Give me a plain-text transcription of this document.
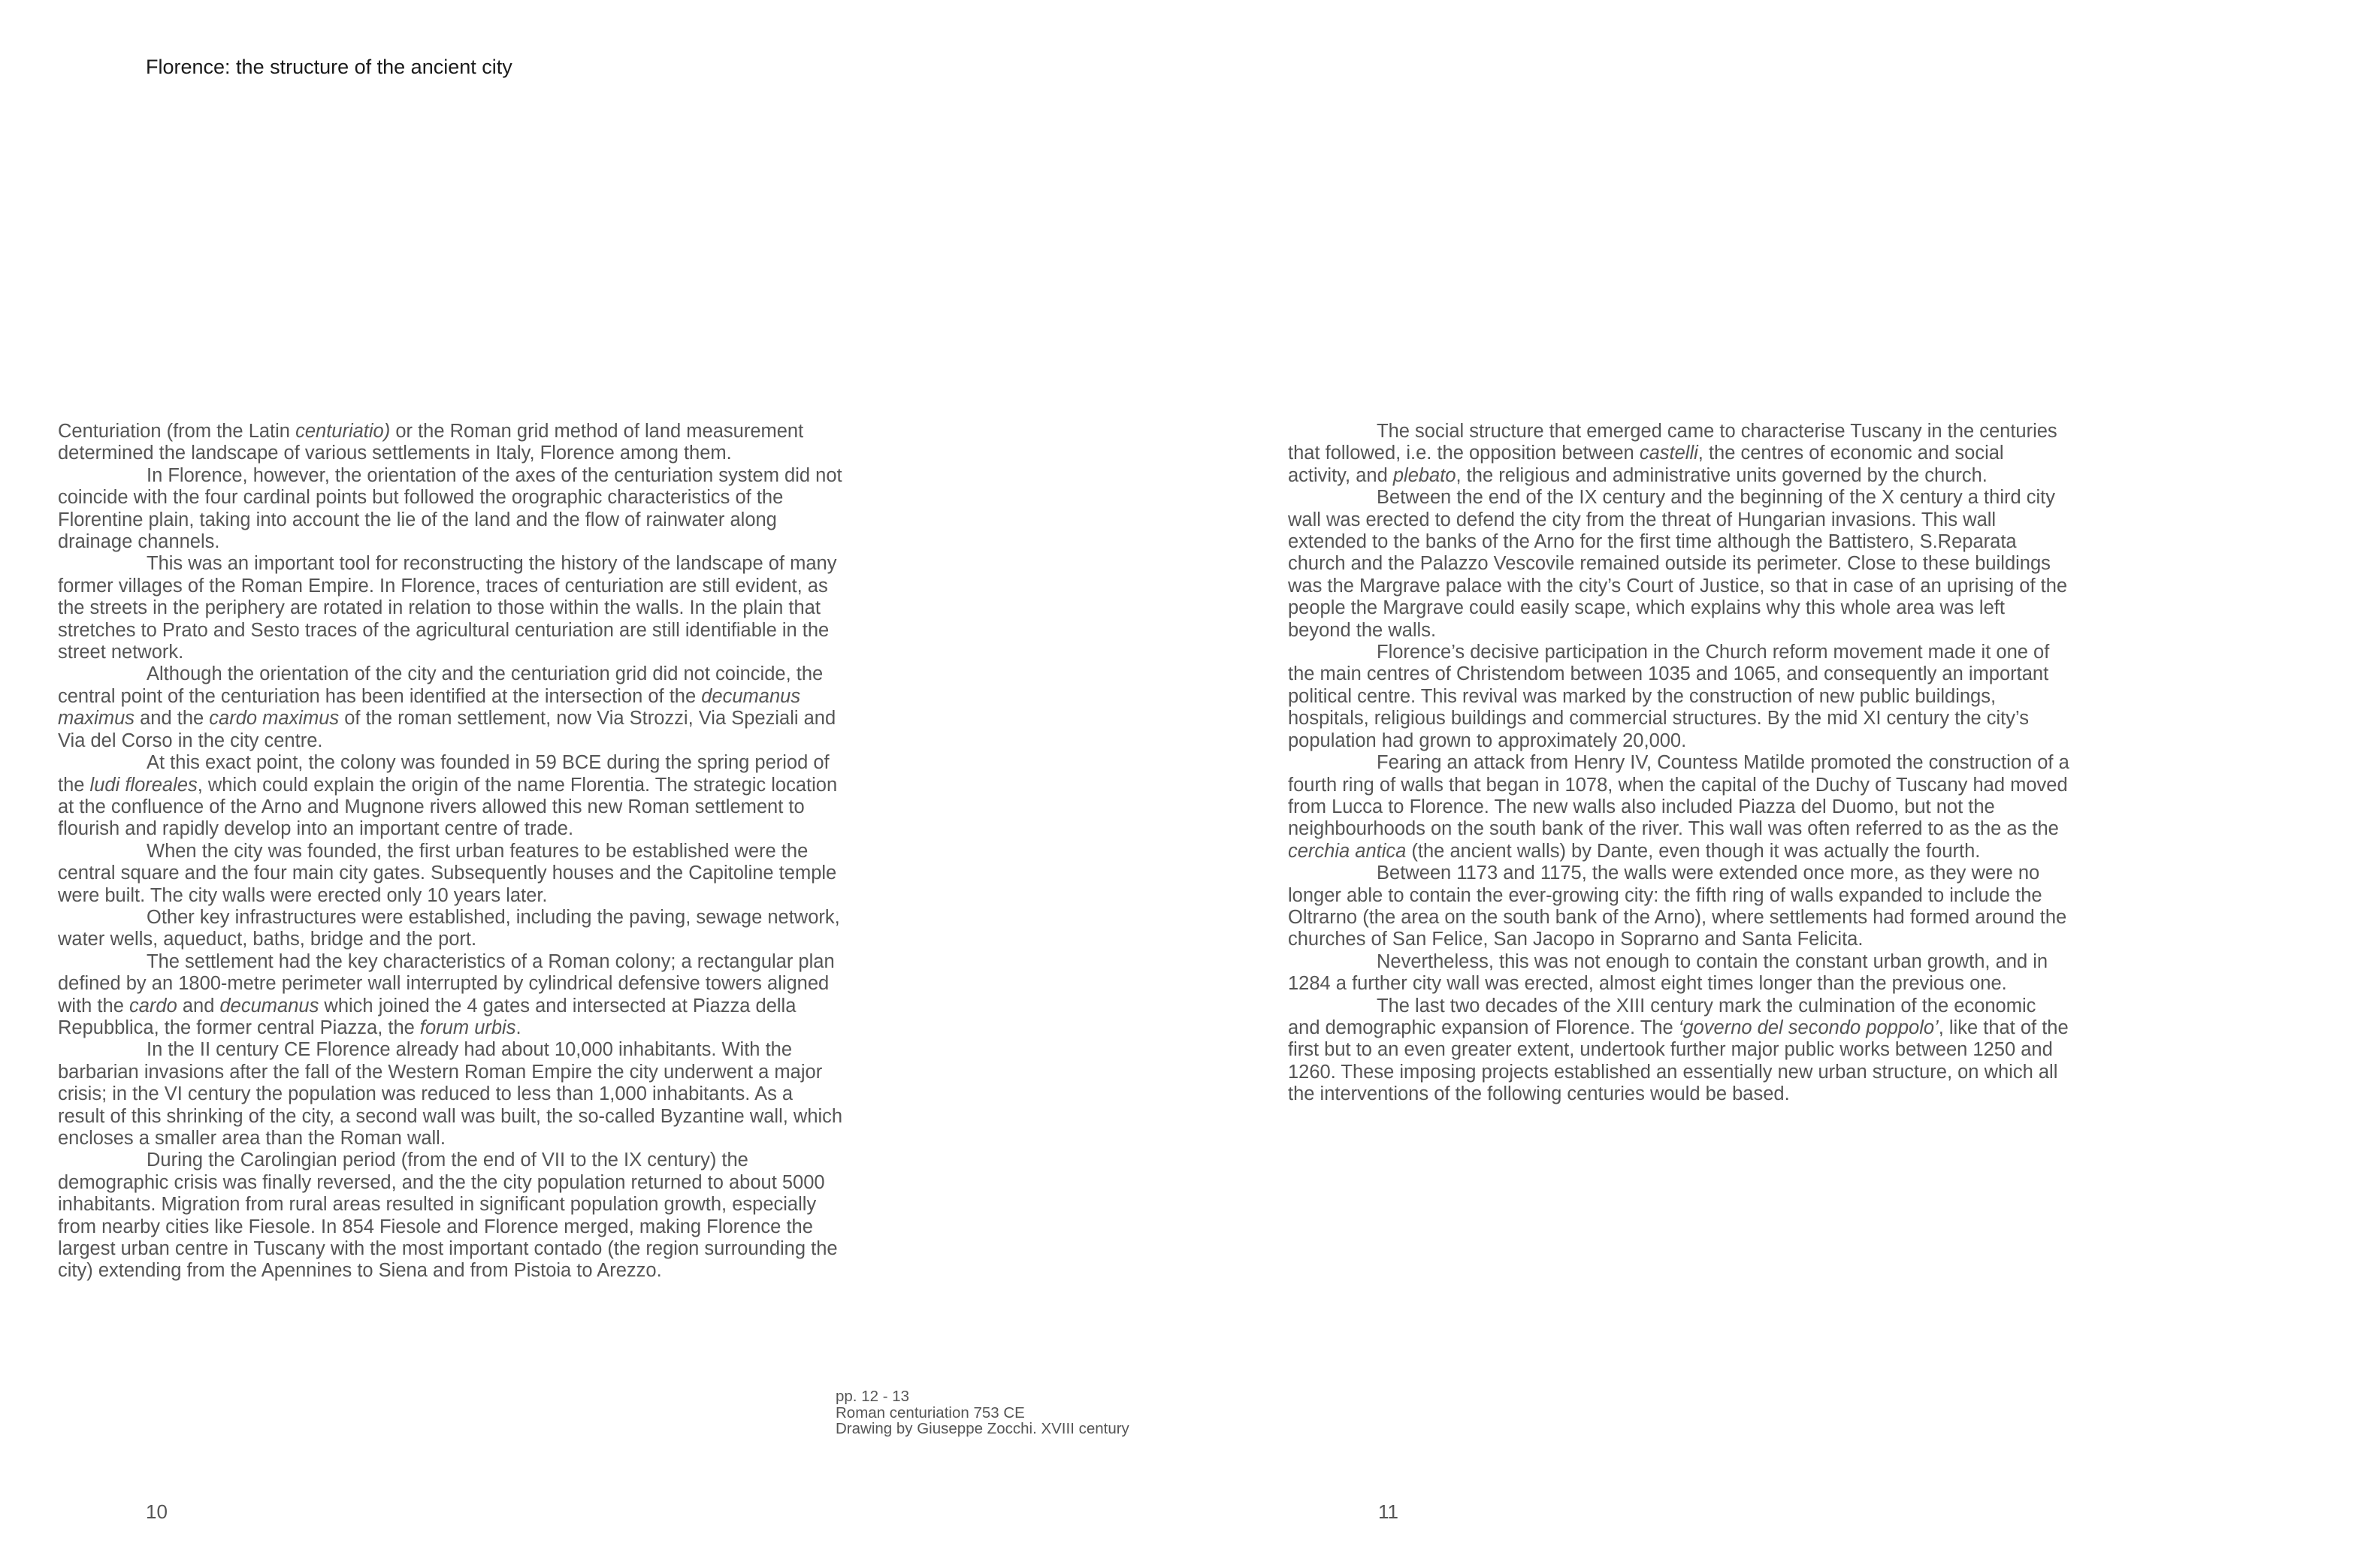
Florence: the structure of the ancient city

Centuriation (from the Latin centuriatio) or the Roman grid method of land measurement determined the landscape of various settlements in Italy, Florence among them.

In Florence, however, the orientation of the axes of the centuriation system did not coincide with the four cardinal points but followed the orographic characteristics of the Florentine plain, taking into account the lie of the land and the flow of rainwater along drainage channels.

This was an important tool for reconstructing the history of the landscape of many former villages of the Roman Empire. In Florence, traces of centuriation are still evident, as the streets in the periphery are rotated in relation to those within the walls. In the plain that stretches to Prato and Sesto traces of the agricultural centuriation are still identifiable in the street network.

Although the orientation of the city and the centuriation grid did not coincide, the central point of the centuriation has been identified at the intersection of the decumanus maximus and the cardo maximus of the roman settlement, now Via Strozzi, Via Speziali and Via del Corso in the city centre.

At this exact point, the colony was founded in 59 BCE during the spring period of the ludi floreales, which could explain the origin of the name Florentia. The strategic location at the confluence of the Arno and Mugnone rivers allowed this new Roman settlement to flourish and rapidly develop into an important centre of trade.

When the city was founded, the first urban features to be established were the central square and the four main city gates. Subsequently houses and the Capitoline temple were built. The city walls were erected only 10 years later.

Other key infrastructures were established, including the paving, sewage network, water wells, aqueduct, baths, bridge and the port.

The settlement had the key characteristics of a Roman colony; a rectangular plan defined by an 1800-metre perimeter wall interrupted by cylindrical defensive towers aligned with the cardo and decumanus which joined the 4 gates and intersected at Piazza della Repubblica, the former central Piazza, the forum urbis.

In the II century CE Florence already had about 10,000 inhabitants. With the barbarian invasions after the fall of the Western Roman Empire the city underwent a major crisis; in the VI century the population was reduced to less than 1,000 inhabitants. As a result of this shrinking of the city, a second wall was built, the so-called Byzantine wall, which encloses a smaller area than the Roman wall.

During the Carolingian period (from the end of VII to the IX century) the demographic crisis was finally reversed, and the the city population returned to about 5000 inhabitants. Migration from rural areas resulted in significant population growth, especially from nearby cities like Fiesole. In 854 Fiesole and Florence merged, making Florence the largest urban centre in Tuscany with the most important contado (the region surrounding the city) extending from the Apennines to Siena and from Pistoia to Arezzo.

The social structure that emerged came to characterise Tuscany in the centuries that followed, i.e. the opposition between castelli, the centres of economic and social activity, and plebato, the religious and administrative units governed by the church.

Between the end of the IX century and the beginning of the X century a third city wall was erected to defend the city from the threat of Hungarian invasions. This wall extended to the banks of the Arno for the first time although the Battistero, S.Reparata church and the Palazzo Vescovile remained outside its perimeter. Close to these buildings was the Margrave palace with the city’s Court of Justice, so that in case of an uprising of the people the Margrave could easily scape, which explains why this whole area was left beyond the walls.

Florence’s decisive participation in the Church reform movement made it one of the main centres of Christendom between 1035 and 1065, and consequently an important political centre. This revival was marked by the construction of new public buildings, hospitals, religious buildings and commercial structures. By the mid XI century the city’s population had grown to approximately 20,000.

Fearing an attack from Henry IV, Countess Matilde promoted the construction of a fourth ring of walls that began in 1078, when the capital of the Duchy of Tuscany had moved from Lucca to Florence. The new walls also included Piazza del Duomo, but not the neighbourhoods on the south bank of the river. This wall was often referred to as the as the cerchia antica (the ancient walls) by Dante, even though it was actually the fourth.

Between 1173 and 1175, the walls were extended once more, as they were no longer able to contain the ever-growing city: the fifth ring of walls expanded to include the Oltrarno (the area on the south bank of the Arno), where settlements had formed around the churches of San Felice, San Jacopo in Soprarno and Santa Felicita.

Nevertheless, this was not enough to contain the constant urban growth, and in 1284 a further city wall was erected, almost eight times longer than the previous one.

The last two decades of the XIII century mark the culmination of the economic and demographic expansion of Florence. The ‘governo del secondo poppolo’, like that of the first but to an even greater extent, undertook further major public works between 1250 and 1260. These imposing projects established an essentially new urban structure, on which all the interventions of the following centuries would be based.

pp. 12 - 13
Roman centuriation 753 CE
Drawing by Giuseppe Zocchi. XVIII century
10	11
